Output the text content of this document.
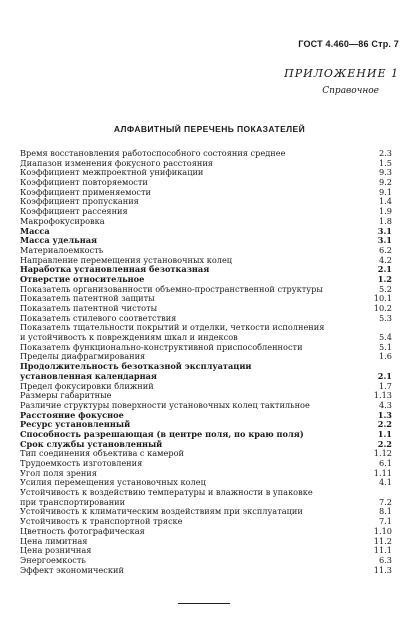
ГОСТ 4.460—86 Стр. 7
ПРИЛОЖЕНИЕ 1
Справочное
АЛФАВИТНЫЙ ПЕРЕЧЕНЬ ПОКАЗАТЕЛЕЙ
Время восстановления работоспособного состояния среднее	2.3
Диапазон изменения фокусного расстояния	1.5
Коэффициент межпроектной унификации	9.3
Коэффициент повторяемости	9.2
Коэффициент применяемости	9.1
Коэффициент пропускания	1.4
Коэффициент рассеяния	1.9
Макрофокусировка	1.8
Масса	3.1
Масса удельная	3.1
Материалоемкость	6.2
Направление перемещения установочных колец	4.2
Наработка установленная безотказная	2.1
Отверстие относительное	1.2
Показатель организованности объемно-пространственной структуры	5.2
Показатель патентной защиты	10.1
Показатель патентной чистоты	10.2
Показатель стилевого соответствия	5.3
Показатель тщательности покрытий и отделки, четкости исполнения
и устойчивость к повреждениям шкал и индексов	5.4
Показатель функционально-конструктивной приспособленности	5.1
Пределы диафрагмирования	1.6
Продолжительность безотказной эксплуатации
установленная календарная	2.1
Предел фокусировки ближний	1.7
Размеры габаритные	1.13
Различие структуры поверхности установочных колец тактильное	4.3
Расстояние фокусное	1.3
Ресурс установленный	2.2
Способность разрешающая (в центре поля, по краю поля)	1.1
Срок службы установленный	2.2
Тип соединения объектива с камерой	1.12
Трудоемкость изготовления	6.1
Угол поля зрения	1.11
Усилия перемещения установочных колец	4.1
Устойчивость к воздействию температуры и влажности в упаковке
при транспортировании	7.2
Устойчивость к климатическим воздействиям при эксплуатации	8.1
Устойчивость к транспортной тряске	7.1
Цветность фотографическая	1.10
Цена лимитная	11.2
Цена розничная	11.1
Энергоемкость	6.3
Эффект экономический	11.3
